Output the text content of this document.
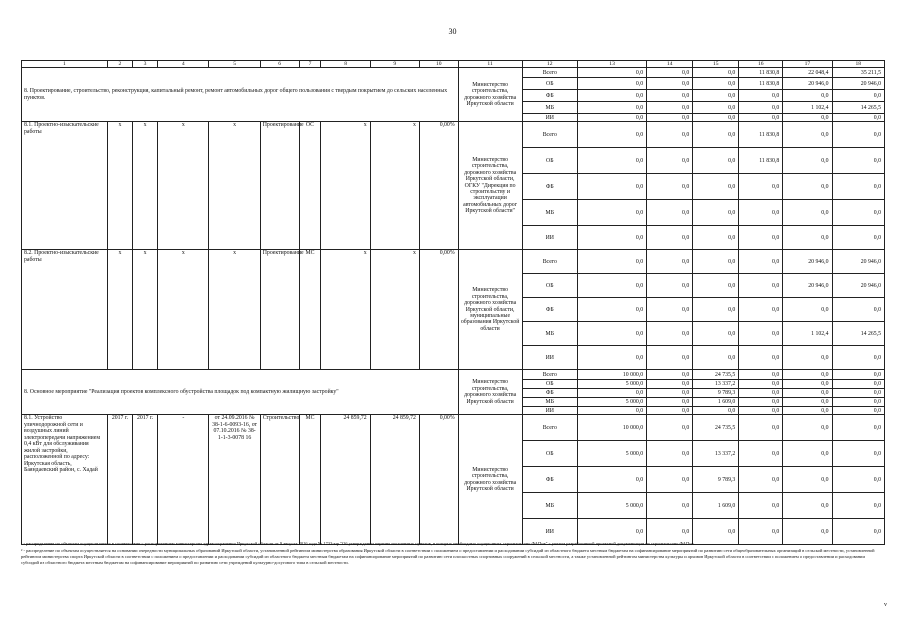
30
1	2	3	4	5	6	7	8	9	10	11	12	13	14	15	16	17	18
8. Проектирование, строительство, реконструкция, капитальный ремонт, ремонт автомобильных дорог общего пользования с твердым покрытием до сельских населенных пунктов.										Министерство строительства, дорожного хозяйства Иркутской области	Всего	0,0	0,0	0,0	11 830,8	22 048,4	35 211,5
											ОБ	0,0	0,0	0,0	11 830,8	20 946,0	20 946,0
											ФБ	0,0	0,0	0,0	0,0	0,0	0,0
											МБ	0,0	0,0	0,0	0,0	1 102,4	14 265,5
											ИИ	0,0	0,0	0,0	0,0	0,0	0,0
8.1. Проектно-изыскательские работы	х	х	х	х	Проектирование	ОС	х	х	0,00%	Министерство строительства, дорожного хозяйства Иркутской области, ОГКУ "Дирекция по строительству и эксплуатации автомобильных дорог Иркутской области"	Всего	0,0	0,0	0,0	11 830,8	0,0	0,0
											ОБ	0,0	0,0	0,0	11 830,8	0,0	0,0
											ФБ	0,0	0,0	0,0	0,0	0,0	0,0
											МБ	0,0	0,0	0,0	0,0	0,0	0,0
											ИИ	0,0	0,0	0,0	0,0	0,0	0,0
8.2. Проектно-изыскательские работы	х	х	х	х	Проектирование	МС	х	х	0,00%	Министерство строительства, дорожного хозяйства Иркутской области, муниципальные образования Иркутской области	Всего	0,0	0,0	0,0	0,0	20 946,0	20 946,0
											ОБ	0,0	0,0	0,0	0,0	20 946,0	20 946,0
											ФБ	0,0	0,0	0,0	0,0	0,0	0,0
											МБ	0,0	0,0	0,0	0,0	1 102,4	14 265,5
											ИИ	0,0	0,0	0,0	0,0	0,0	0,0
8. Основное мероприятие "Реализация проектов комплексного обустройства площадок под компактную жилищную застройку"										Министерство строительства, дорожного хозяйства Иркутской области	Всего	10 000,0	0,0	24 735,5	0,0	0,0	0,0
											ОБ	5 000,0	0,0	13 337,2	0,0	0,0	0,0
											ФБ	0,0	0,0	9 789,3	0,0	0,0	0,0
											МБ	5 000,0	0,0	1 609,0	0,0	0,0	0,0
											ИИ	0,0	0,0	0,0	0,0	0,0	0,0
8.1. Устройство уличнодорожной сети и воздушных линий электропередачи напряжением 0,4 кВт для обслуживания жилой застройки, расположенной по адресу: Иркутская область, Баяндаевский район, с. Хадай	2017 г.	2017 г.	-	от 24.09.2016 № 38-1-6-0093-16, от 07.10.2016 № 38-1-1-3-0078 16	Строительство	МС	24 859,72	24 859,72	0,00%	Министерство строительства, дорожного хозяйства Иркутской области	Всего	10 000,0	0,0	24 735,5	0,0	0,0	0,0
											ОБ	5 000,0	0,0	13 337,2	0,0	0,0	0,0
											ФБ	0,0	0,0	9 789,3	0,0	0,0	0,0
											МБ	5 000,0	0,0	1 609,0	0,0	0,0	0,0
											ИИ	0,0	0,0	0,0	0,0	0,0	0,0

¹ - распределение по объектам осуществляется в соответствии с распоряжением министерства здравоохранения Иркутской области от 9 августа 2016 года № 1733-мр "Об утверждении перечня населенных пунктов, в которых необходимо осуществить строительство ФАПов" с учетом разработанной проектной документации на строительство ФАПов.

² - распределение по объектам осуществляется на основании очередности муниципальных образований Иркутской области, установленной рейтингом министерства образования Иркутской области в соответствии с положением о предоставлении и расходовании субсидий из областного бюджета местным бюджетам на софинансирование мероприятий по развитию сети общеобразовательных организаций в сельской местности, установленной рейтингом министерства спорта Иркутской области в соответствии с положением о предоставлении и расходовании субсидий из областного бюджета местным бюджетам на софинансирование мероприятий по развитию сети плоскостных спортивных сооружений в сельской местности, а также установленной рейтингом министерства культуры и архивов Иркутской области в соответствии с положением о предоставлении и расходовании субсидий из областного бюджета местным бюджетам на софинансирование мероприятий по развитию сети учреждений культурно-досугового типа в сельской местности.

v
